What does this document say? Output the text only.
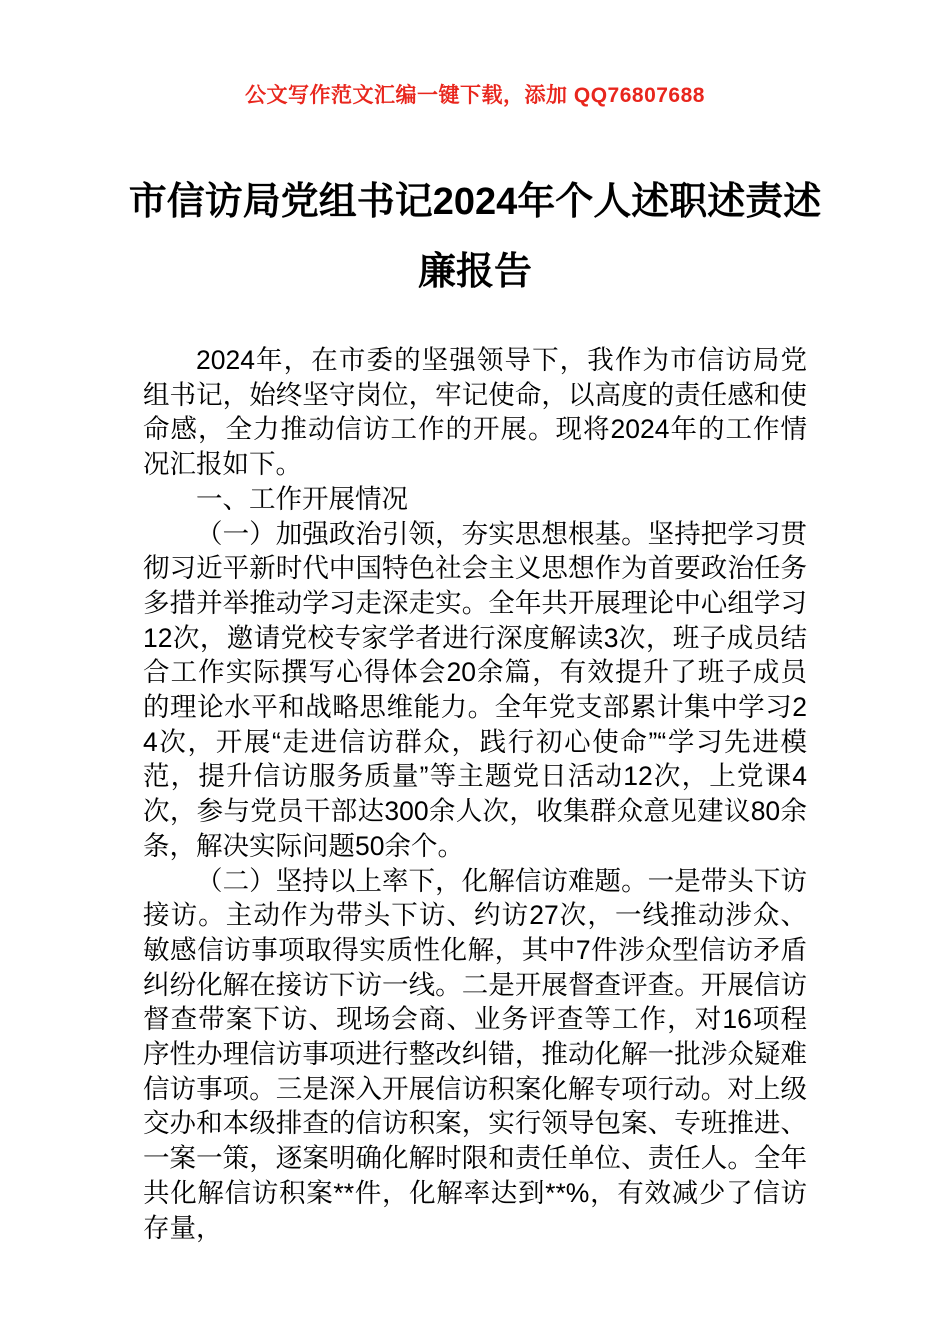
公文写作范文汇编一键下载，添加 QQ76807688
市信访局党组书记2024年个人述职述责述廉报告

2024年，在市委的坚强领导下，我作为市信访局党组书记，始终坚守岗位，牢记使命，以高度的责任感和使命感，全力推动信访工作的开展。现将2024年的工作情况汇报如下。

一、工作开展情况

（一）加强政治引领，夯实思想根基。坚持把学习贯彻习近平新时代中国特色社会主义思想作为首要政治任务多措并举推动学习走深走实。全年共开展理论中心组学习12次，邀请党校专家学者进行深度解读3次，班子成员结合工作实际撰写心得体会20余篇，有效提升了班子成员的理论水平和战略思维能力。全年党支部累计集中学习24次，开展“走进信访群众，践行初心使命”“学习先进模范，提升信访服务质量”等主题党日活动12次，上党课4次，参与党员干部达300余人次，收集群众意见建议80余条，解决实际问题50余个。

（二）坚持以上率下，化解信访难题。一是带头下访接访。主动作为带头下访、约访27次，一线推动涉众、敏感信访事项取得实质性化解，其中7件涉众型信访矛盾纠纷化解在接访下访一线。二是开展督查评查。开展信访督查带案下访、现场会商、业务评查等工作，对16项程序性办理信访事项进行整改纠错，推动化解一批涉众疑难信访事项。三是深入开展信访积案化解专项行动。对上级交办和本级排查的信访积案，实行领导包案、专班推进、一案一策，逐案明确化解时限和责任单位、责任人。全年共化解信访积案**件，化解率达到**%，有效减少了信访存量，
